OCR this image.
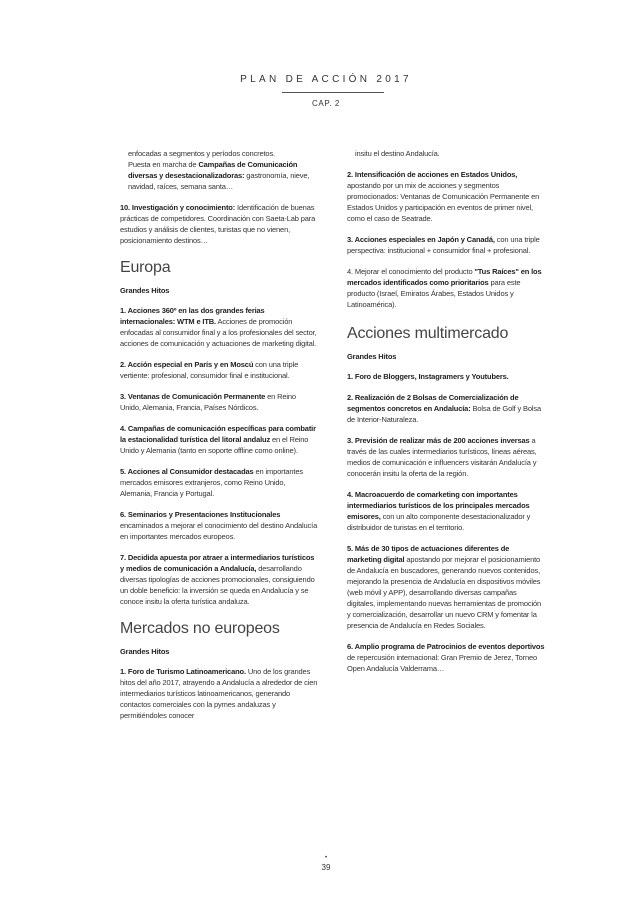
PLAN DE ACCIÓN 2017
CAP. 2

enfocadas a segmentos y períodos concretos.

Puesta en marcha de Campañas de Comunicación diversas y desestacionalizadoras: gastronomía, nieve, navidad, raíces, semana santa…

10. Investigación y conocimiento: Identificación de buenas prácticas de competidores. Coordinación con Saeta-Lab para estudios y análisis de clientes, turistas que no vienen, posicionamiento destinos…

Europa
Grandes Hitos

1. Acciones 360º en las dos grandes ferias internacionales: WTM e ITB. Acciones de promoción enfocadas al consumidor final y a los profesionales del sector, acciones de comunicación y actuaciones de marketing digital.

2. Acción especial en París y en Moscú con una triple vertiente: profesional, consumidor final e institucional.

3. Ventanas de Comunicación Permanente en Reino Unido, Alemania, Francia, Países Nórdicos.

4. Campañas de comunicación específicas para combatir la estacionalidad turística del litoral andaluz en el Reino Unido y Alemania (tanto en soporte offline como online).

5. Acciones al Consumidor destacadas en importantes mercados emisores extranjeros, como Reino Unido, Alemania, Francia y Portugal.

6. Seminarios y Presentaciones Institucionales encaminados a mejorar el conocimiento del destino Andalucía en importantes mercados europeos.

7. Decidida apuesta por atraer a intermediarios turísticos y medios de comunicación a Andalucía, desarrollando diversas tipologías de acciones promocionales, consiguiendo un doble beneficio: la inversión se queda en Andalucía y se conoce insitu la oferta turística andaluza.

Mercados no europeos
Grandes Hitos

1. Foro de Turismo Latinoamericano. Uno de los grandes hitos del año 2017, atrayendo a Andalucía a alrededor de cien intermediarios turísticos latinoamericanos, generando contactos comerciales con la pymes andaluzas y permitiéndoles conocer

insitu el destino Andalucía.

2. Intensificación de acciones en Estados Unidos, apostando por un mix de acciones y segmentos promocionados: Ventanas de Comunicación Permanente en Estados Unidos y participación en eventos de primer nivel, como el caso de Seatrade.

3. Acciones especiales en Japón y Canadá, con una triple perspectiva: institucional + consumidor final + profesional.

4. Mejorar el conocimiento del producto "Tus Raíces" en los mercados identificados como prioritarios para este producto (Israel, Emiratos Árabes, Estados Unidos y Latinoamérica).

Acciones multimercado
Grandes Hitos

1. Foro de Bloggers, Instagramers y Youtubers.

2. Realización de 2 Bolsas de Comercialización de segmentos concretos en Andalucía: Bolsa de Golf y Bolsa de Interior-Naturaleza.

3. Previsión de realizar más de 200 acciones inversas a través de las cuales intermediarios turísticos, líneas aéreas, medios de comunicación e influencers visitarán Andalucía y conocerán insitu la oferta de la región.

4. Macroacuerdo de comarketing con importantes intermediarios turísticos de los principales mercados emisores, con un alto componente desestacionalizador y distribuidor de turistas en el territorio.

5. Más de 30 tipos de actuaciones diferentes de marketing digital apostando por mejorar el posicionamiento de Andalucía en buscadores, generando nuevos contenidos, mejorando la presencia de Andalucía en dispositivos móviles (web móvil y APP), desarrollando diversas campañas digitales, implementando nuevas herramientas de promoción y comercialización, desarrollar un nuevo CRM y fomentar la presencia de Andalucía en Redes Sociales.

6. Amplio programa de Patrocinios de eventos deportivos de repercusión internacional: Gran Premio de Jerez, Torneo Open Andalucía Valderrama…

•
39
